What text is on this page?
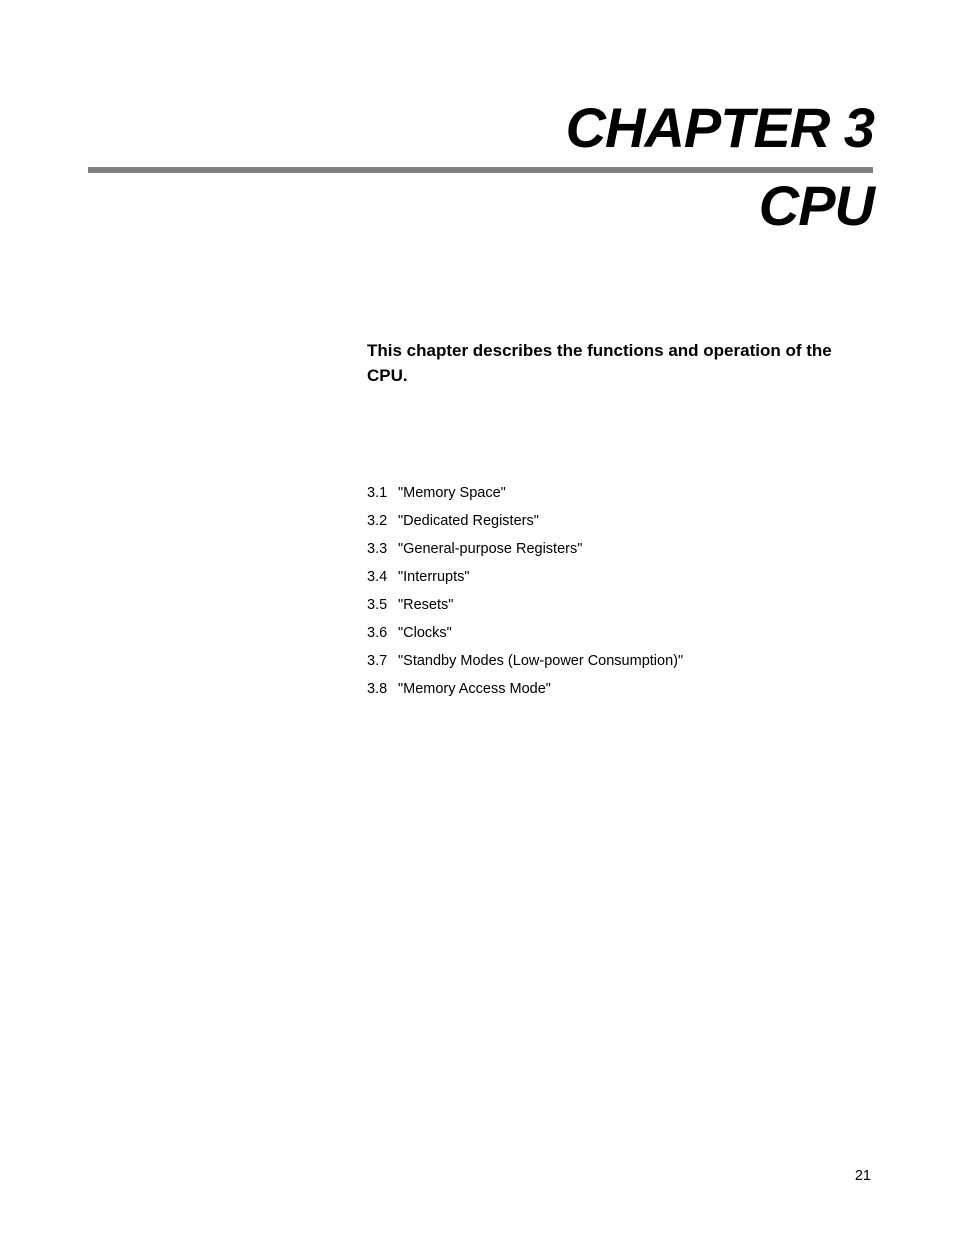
CHAPTER 3
CPU

This chapter describes the functions and operation of the CPU.

3.1 "Memory Space"
3.2 "Dedicated Registers"
3.3 "General-purpose Registers"
3.4 "Interrupts"
3.5 "Resets"
3.6 "Clocks"
3.7 "Standby Modes (Low-power Consumption)"
3.8 "Memory Access Mode"

21
